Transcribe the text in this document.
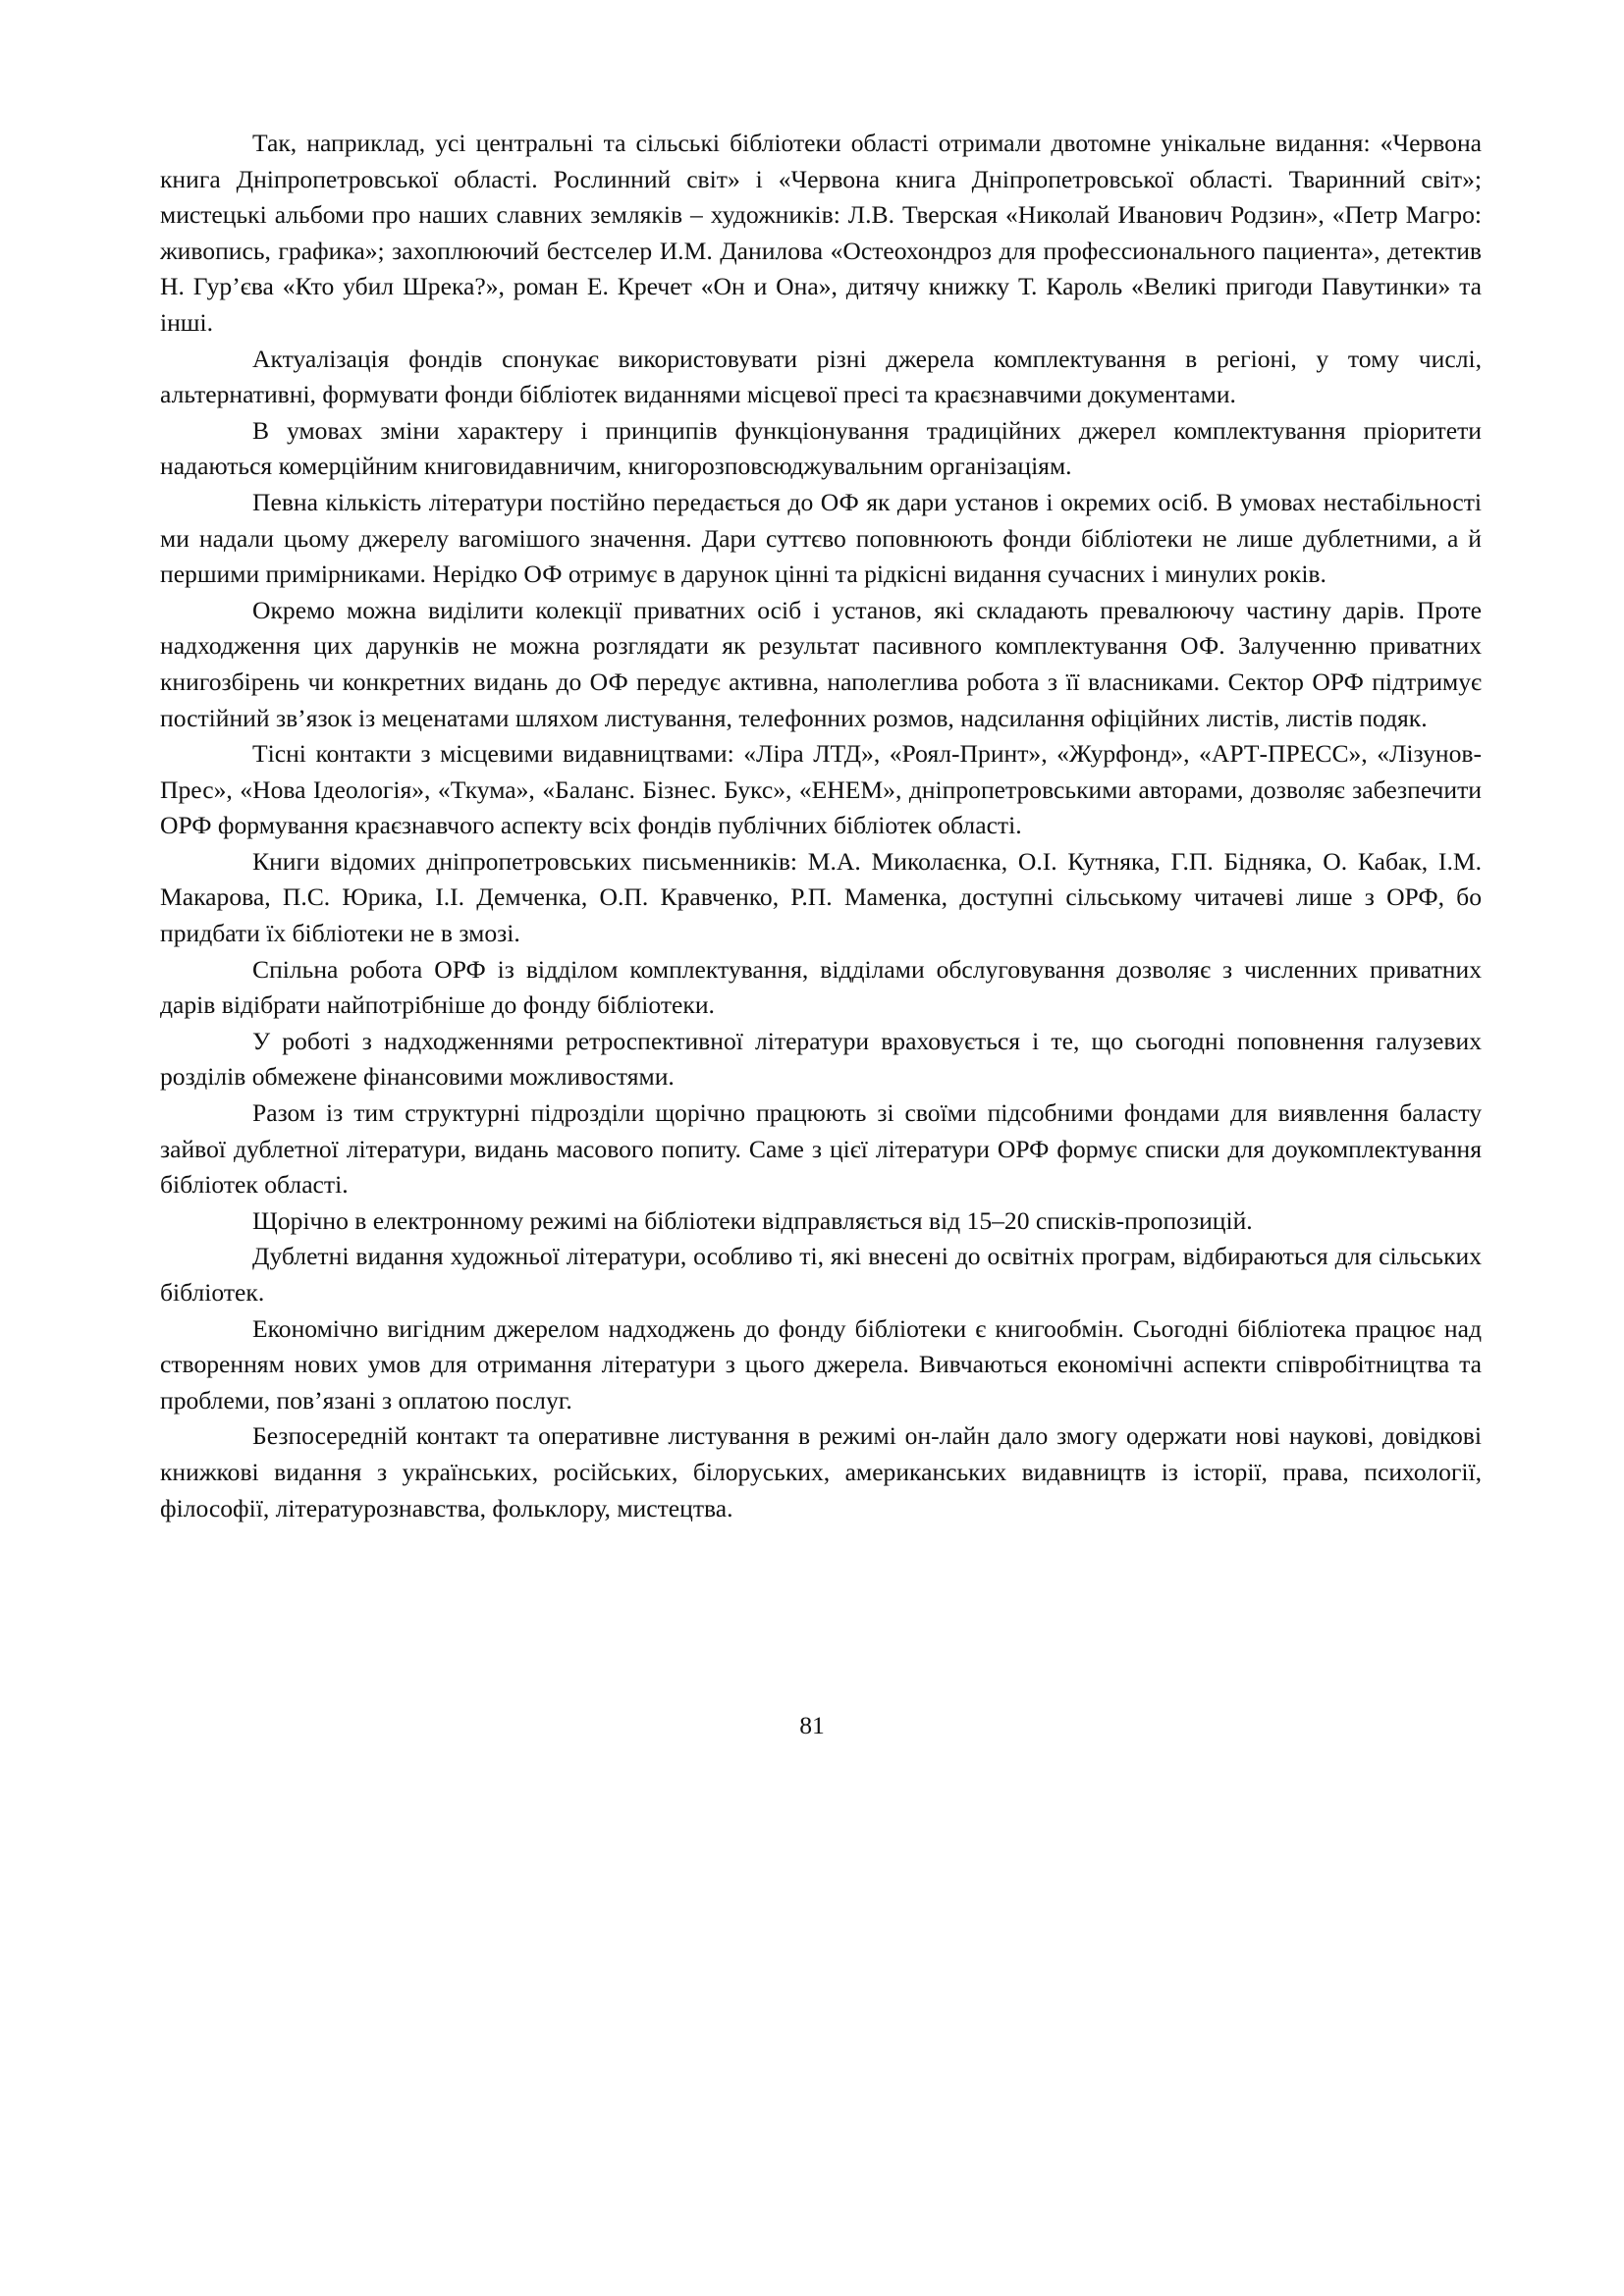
Так, наприклад, усі центральні та сільські бібліотеки області отримали двотомне унікальне видання: «Червона книга Дніпропетровської області. Рослинний світ» і «Червона книга Дніпропетровської області. Тваринний світ»; мистецькі альбоми про наших славних земляків – художників: Л.В. Тверская «Николай Иванович Родзин», «Петр Магро: живопись, графика»; захоплюючий бестселер И.М. Данилова «Остеохондроз для профессионального пациента», детектив Н. Гур’єва «Кто убил Шрека?», роман Е. Кречет «Он и Она», дитячу книжку Т. Кароль «Великі пригоди Павутинки» та інші.

Актуалізація фондів спонукає використовувати різні джерела комплектування в регіоні, у тому числі, альтернативні, формувати фонди бібліотек виданнями місцевої пресі та краєзнавчими документами.

В умовах зміни характеру і принципів функціонування традиційних джерел комплектування пріоритети надаються комерційним книговидавничим, книгорозповсюджувальним організаціям.

Певна кількість літератури постійно передається до ОФ як дари установ і окремих осіб. В умовах нестабільності ми надали цьому джерелу вагомішого значення. Дари суттєво поповнюють фонди бібліотеки не лише дублетними, а й першими примірниками. Нерідко ОФ отримує в дарунок цінні та рідкісні видання сучасних і минулих років.

Окремо можна виділити колекції приватних осіб і установ, які складають превалюючу частину дарів. Проте надходження цих дарунків не можна розглядати як результат пасивного комплектування ОФ. Залученню приватних книгозбірень чи конкретних видань до ОФ передує активна, наполеглива робота з її власниками. Сектор ОРФ підтримує постійний зв’язок із меценатами шляхом листування, телефонних розмов, надсилання офіційних листів, листів подяк.

Тісні контакти з місцевими видавництвами: «Ліра ЛТД», «Роял-Принт», «Журфонд», «АРТ-ПРЕСС», «Лізунов-Прес», «Нова Ідеологія», «Ткума», «Баланс. Бізнес. Букс», «ЕНЕМ», дніпропетровськими авторами, дозволяє забезпечити ОРФ формування краєзнавчого аспекту всіх фондів публічних бібліотек області.

Книги відомих дніпропетровських письменників: М.А. Миколаєнка, О.І. Кутняка, Г.П. Бідняка, О. Кабак, І.М. Макарова, П.С. Юрика, І.І. Демченка, О.П. Кравченко, Р.П. Маменка, доступні сільському читачеві лише з ОРФ, бо придбати їх бібліотеки не в змозі.

Спільна робота ОРФ із відділом комплектування, відділами обслуговування дозволяє з численних приватних дарів відібрати найпотрібніше до фонду бібліотеки.

У роботі з надходженнями ретроспективної літератури враховується і те, що сьогодні поповнення галузевих розділів обмежене фінансовими можливостями.

Разом із тим структурні підрозділи щорічно працюють зі своїми підсобними фондами для виявлення баласту зайвої дублетної літератури, видань масового попиту. Саме з цієї літератури ОРФ формує списки для доукомплектування бібліотек області.

Щорічно в електронному режимі на бібліотеки відправляється від 15–20 списків-пропозицій.

Дублетні видання художньої літератури, особливо ті, які внесені до освітніх програм, відбираються для сільських бібліотек.

Економічно вигідним джерелом надходжень до фонду бібліотеки є книгообмін. Сьогодні бібліотека працює над створенням нових умов для отримання літератури з цього джерела. Вивчаються економічні аспекти співробітництва та проблеми, пов’язані з оплатою послуг.

Безпосередній контакт та оперативне листування в режимі он-лайн дало змогу одержати нові наукові, довідкові книжкові видання з українських, російських, білоруських, американських видавництв із історії, права, психології, філософії, літературознавства, фольклору, мистецтва.

81
